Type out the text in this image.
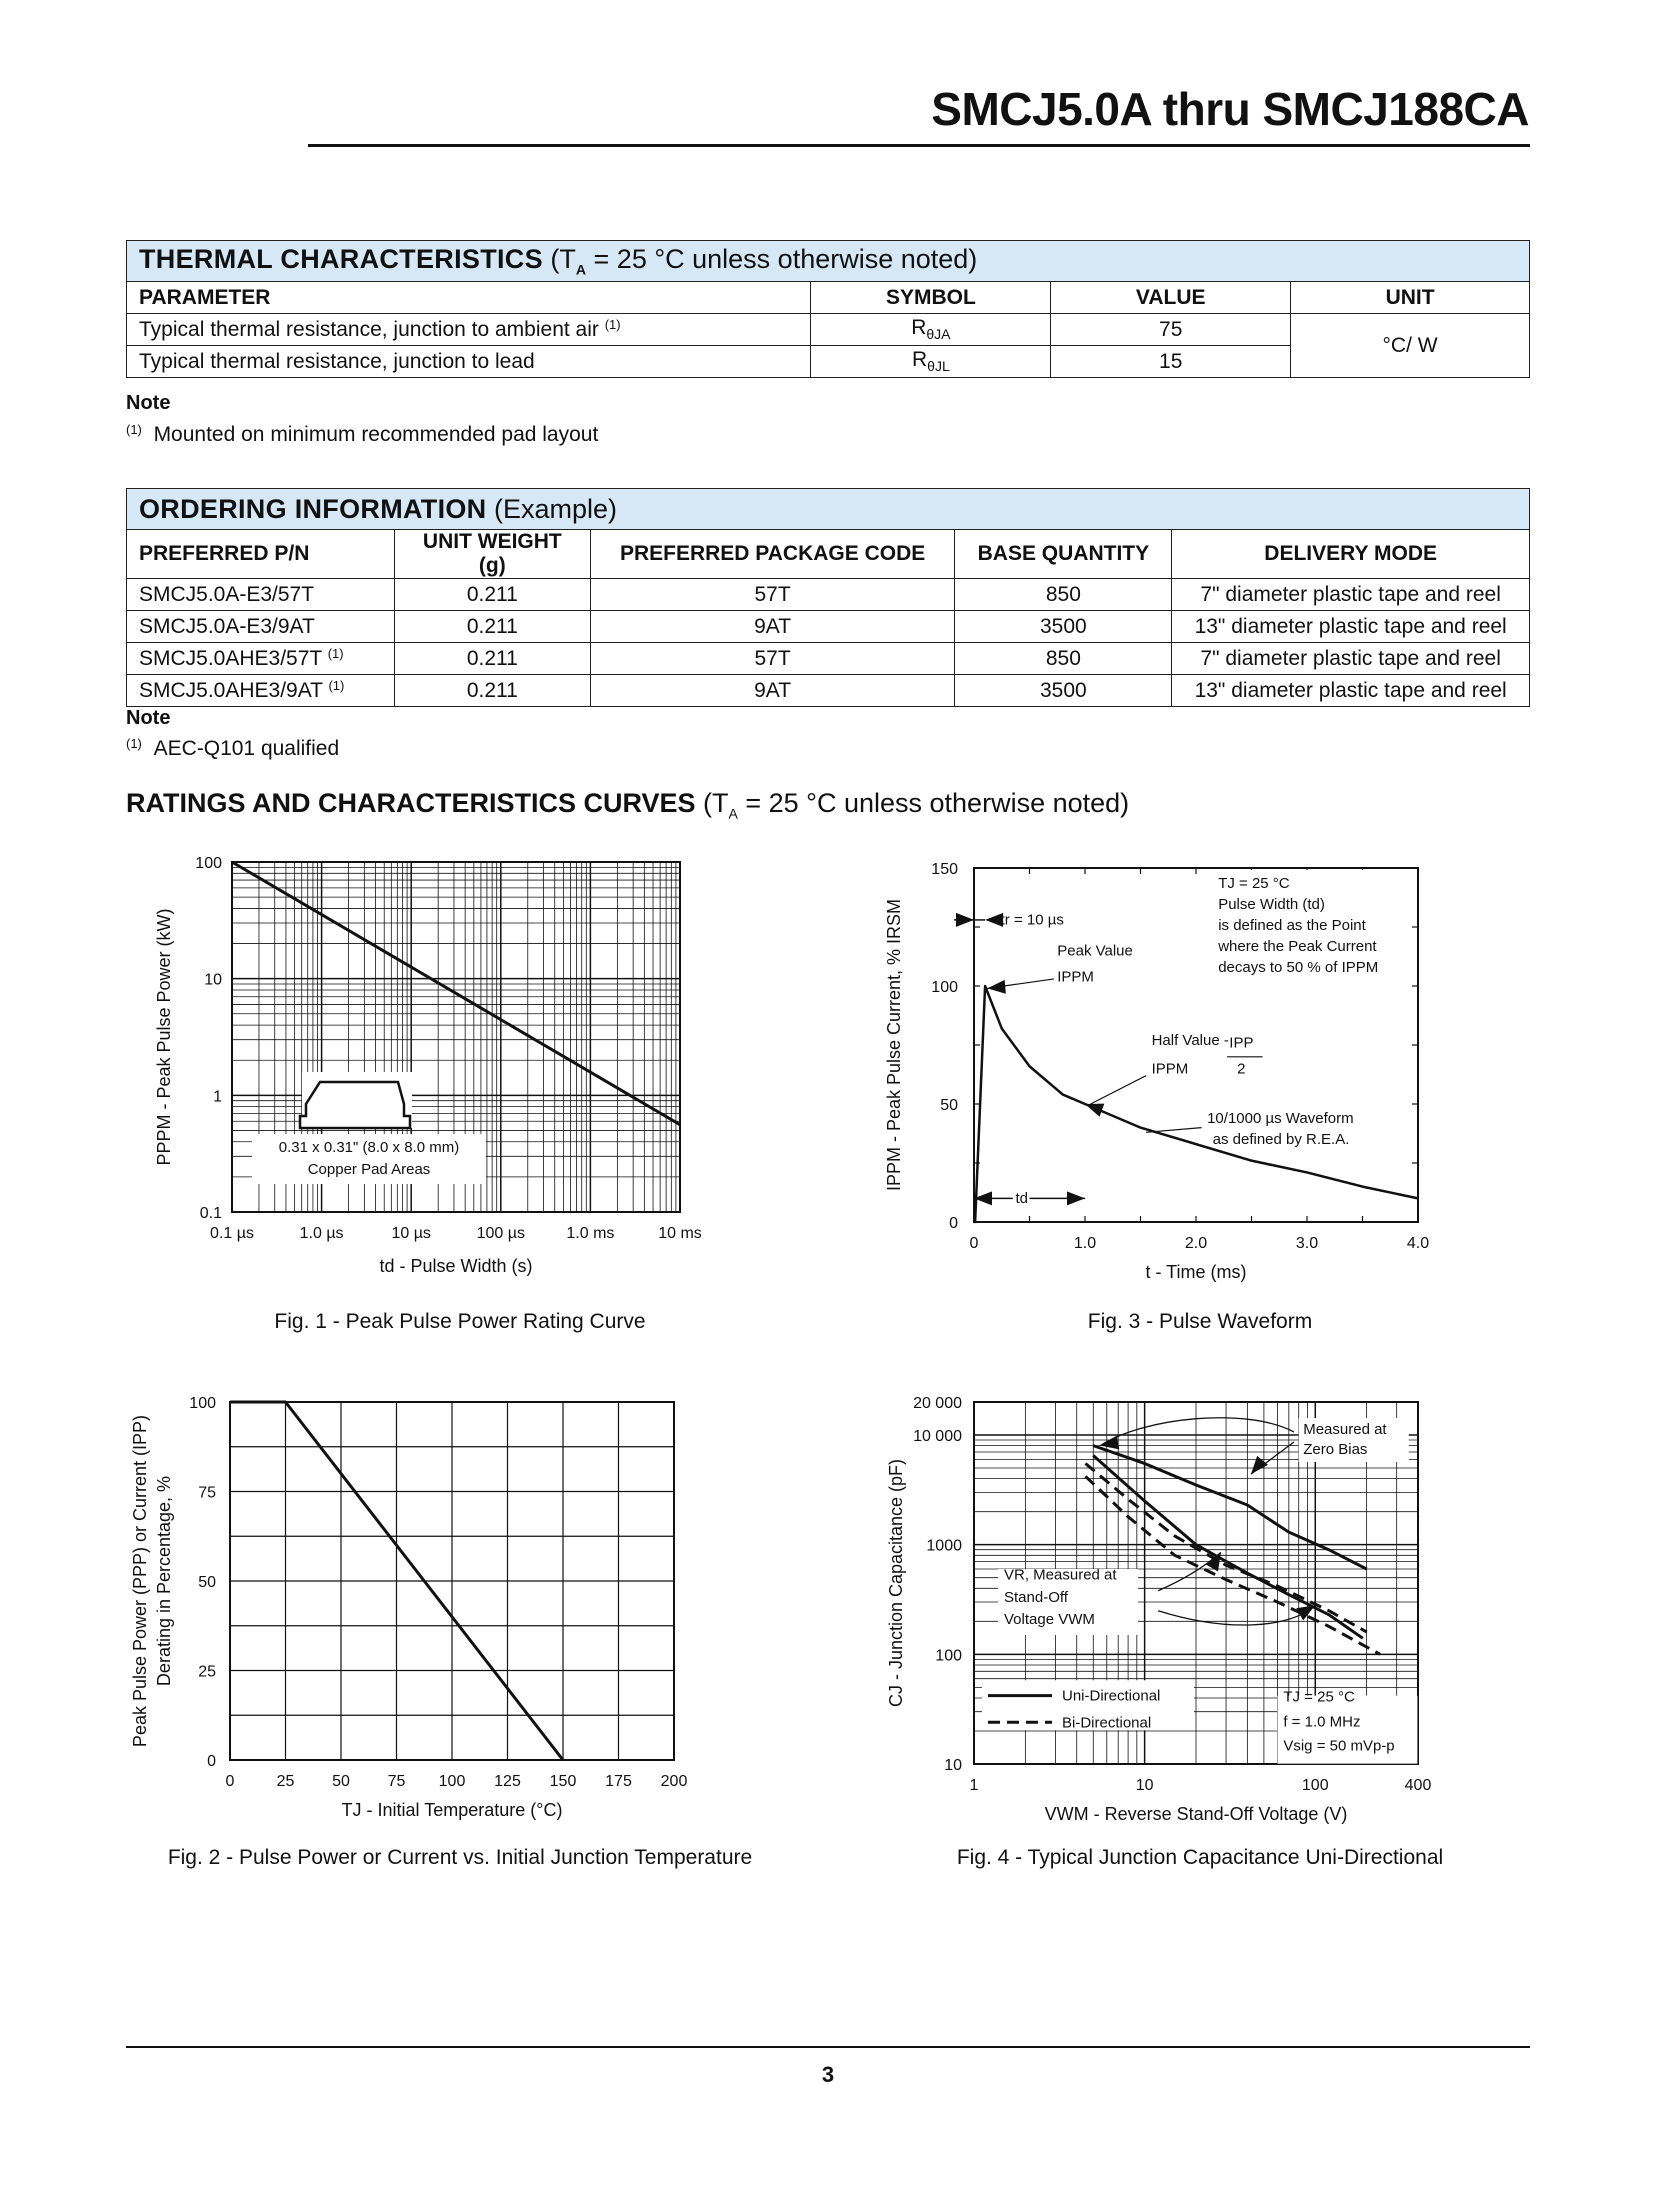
SMCJ5.0A thru SMCJ188CA
THERMAL CHARACTERISTICS ($T_A = 25$ °C unless otherwise noted)			
PARAMETER	SYMBOL	VALUE	UNIT
Typical thermal resistance, junction to ambient air $^{(1)}$	$R_{\theta JA}$	75	°C/ W
Typical thermal resistance, junction to lead	$R_{\theta JL}$	15	
Note
$^{(1)}$ Mounted on minimum recommended pad layout
ORDERING INFORMATION (Example)				
PREFERRED P/N	UNIT WEIGHT (g)	PREFERRED PACKAGE CODE	BASE QUANTITY	DELIVERY MODE
SMCJ5.0A-E3/57T	0.211	57T	850	7" diameter plastic tape and reel
SMCJ5.0A-E3/9AT	0.211	9AT	3500	13" diameter plastic tape and reel
SMCJ5.0AHE3/57T $^{(1)}$	0.211	57T	850	7" diameter plastic tape and reel
SMCJ5.0AHE3/9AT $^{(1)}$	0.211	9AT	3500	13" diameter plastic tape and reel
Note
$^{(1)}$ AEC-Q101 qualified
RATINGS AND CHARACTERISTICS CURVES ($T_A = 25$ °C unless otherwise noted)
100
10
1
0.1
0.1 µs	1.0 µs	10 µs	100 µs	1.0 ms	10 ms
td - Pulse Width (s)
PPPM - Peak Pulse Power (kW)	0.31 x 0.31" (8.0 x 8.0 mm)
Copper Pad Areas
150
100
50
0
0	1.0	2.0	3.0	4.0
t - Time (ms)
IPPM - Peak Pulse Current, % IRSM	tr = 10 µs
Peak Value
IPPM
Half Value - IPP
IPPM	2
10/1000 µs Waveform
as defined by R.E.A.
td
TJ = 25 °C
Pulse Width (td)
is defined as the Point
where the Peak Current
decays to 50 % of IPPM
100
75
50
25
0
0	25 50 75 100 125 150 175 200
TJ - Initial Temperature (°C)
Peak Pulse Power (PPP) or Current (IPP) Derating in Percentage, %
20 000
10 000
1000
100
10
1	10	100	400
VWM - Reverse Stand-Off Voltage (V)
CJ - Junction Capacitance (pF)
Measured at
Zero Bias
VR, Measured at
Stand-Off
Voltage VWM
Uni-Directional
Bi-Directional
TJ = 25 °C
f = 1.0 MHz
Vsig = 50 mVp-p
Fig. 1 - Peak Pulse Power Rating Curve	Fig. 3 - Pulse Waveform
Fig. 2 - Pulse Power or Current vs. Initial Junction Temperature	Fig. 4 - Typical Junction Capacitance Uni-Directional
3
